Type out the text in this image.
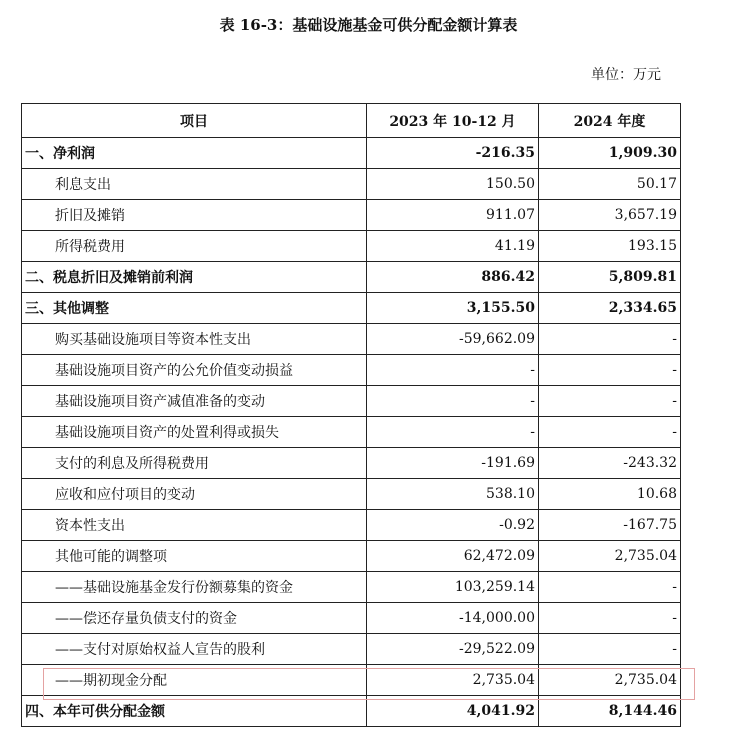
表 16-3：基础设施基金可供分配金额计算表
单位：万元
项目	2023 年 10-12 月	2024 年度
一、净利润	-216.35	1,909.30
利息支出	150.50	50.17
折旧及摊销	911.07	3,657.19
所得税费用	41.19	193.15
二、税息折旧及摊销前利润	886.42	5,809.81
三、其他调整	3,155.50	2,334.65
购买基础设施项目等资本性支出	-59,662.09	-
基础设施项目资产的公允价值变动损益	-	-
基础设施项目资产减值准备的变动	-	-
基础设施项目资产的处置利得或损失	-	-
支付的利息及所得税费用	-191.69	-243.32
应收和应付项目的变动	538.10	10.68
资本性支出	-0.92	-167.75
其他可能的调整项	62,472.09	2,735.04
——基础设施基金发行份额募集的资金	103,259.14	-
——偿还存量负债支付的资金	-14,000.00	-
——支付对原始权益人宣告的股利	-29,522.09	-
——期初现金分配	2,735.04	2,735.04
四、本年可供分配金额	4,041.92	8,144.46
